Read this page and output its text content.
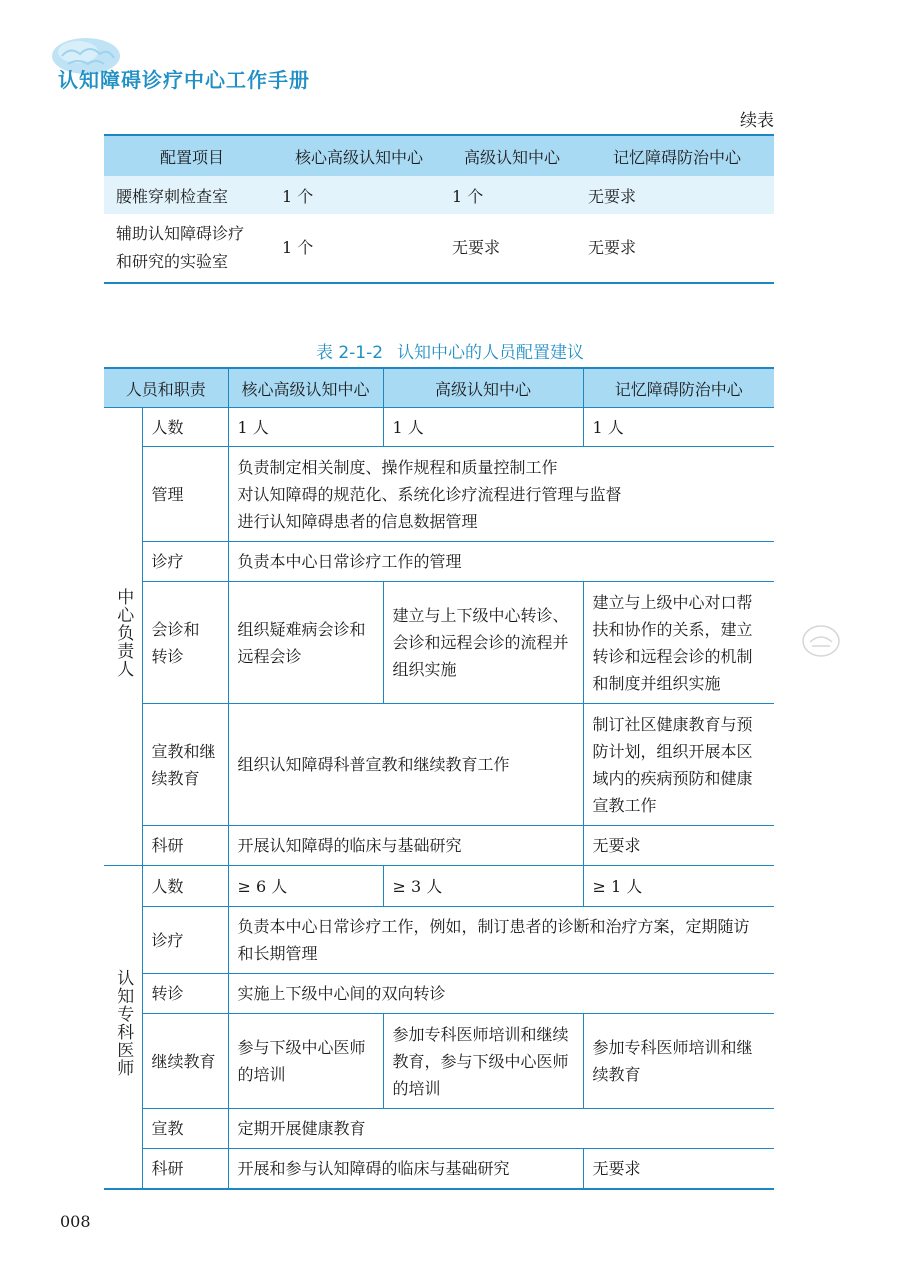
认知障碍诊疗中心工作手册
续表
配置项目	核心高级认知中心	高级认知中心	记忆障碍防治中心
腰椎穿刺检查室	1 个	1 个	无要求
辅助认知障碍诊疗
和研究的实验室	1 个	无要求	无要求
表 2-1-2 认知中心的人员配置建议
人员和职责		核心高级认知中心	高级认知中心	记忆障碍防治中心
中心负责人	人数	1 人	1 人	1 人
	管理	负责制定相关制度、操作规程和质量控制工作
对认知障碍的规范化、系统化诊疗流程进行管理与监督
进行认知障碍患者的信息数据管理		

	诊疗	负责本中心日常诊疗工作的管理		

	会诊和
转诊	组织疑难病会诊和远程会诊	建立与上下级中心转诊、会诊和远程会诊的流程并组织实施	建立与上级中心对口帮扶和协作的关系，建立转诊和远程会诊的机制和制度并组织实施

	宣教和继
续教育	组织认知障碍科普宣教和继续教育工作		制订社区健康教育与预防计划，组织开展本区域内的疾病预防和健康宣教工作
	科研	开展认知障碍的临床与基础研究		无要求
认知专科医师	人数	≥ 6 人	≥ 3 人	≥ 1 人
	诊疗	负责本中心日常诊疗工作，例如，制订患者的诊断和治疗方案，定期随访和长期管理		
	转诊	实施上下级中心间的双向转诊		
	继续教育	参与下级中心医师的培训	参加专科医师培训和继续教育，参与下级中心医师的培训	参加专科医师培训和继续教育
	宣教	定期开展健康教育		
	科研	开展和参与认知障碍的临床与基础研究		无要求
008
